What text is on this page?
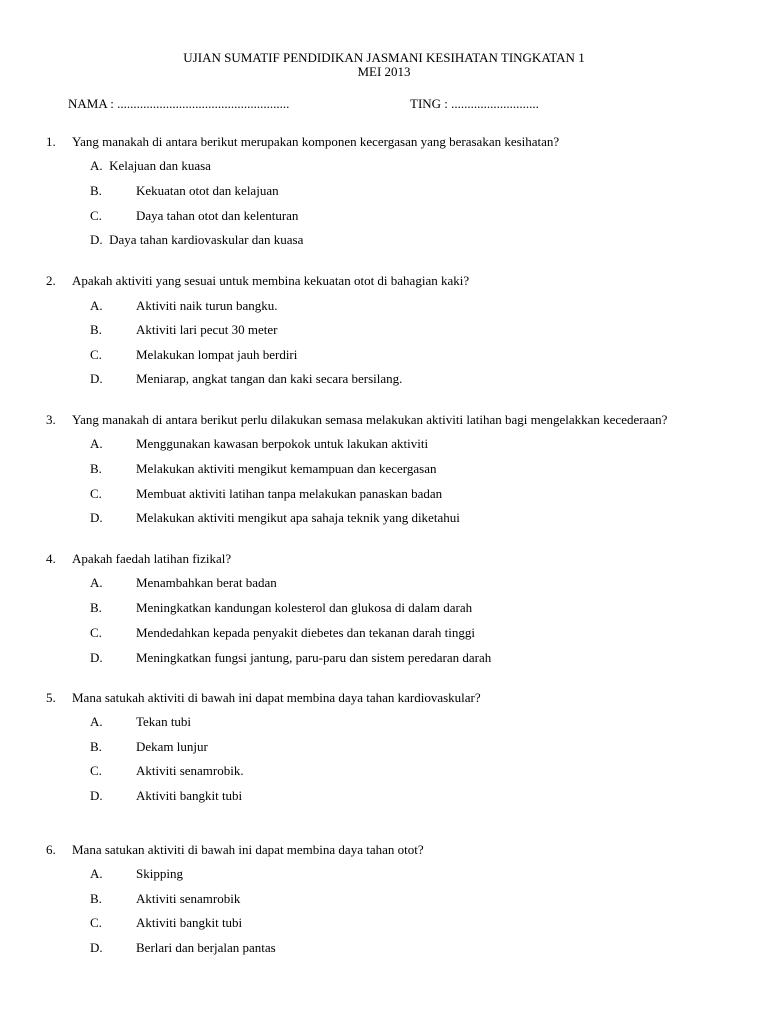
UJIAN SUMATIF PENDIDIKAN JASMANI KESIHATAN TINGKATAN 1
MEI 2013
NAMA : .....................................................	TING : ...........................
1. Yang manakah di antara berikut merupakan komponen kecergasan yang berasakan kesihatan?
A. Kelajuan dan kuasa
B.	Kekuatan otot dan kelajuan
C.	Daya tahan otot dan kelenturan
D. Daya tahan kardiovaskular dan kuasa
2. Apakah aktiviti yang sesuai untuk membina kekuatan otot di bahagian kaki?
A.	Aktiviti naik turun bangku.
B.	Aktiviti lari pecut 30 meter
C.	Melakukan lompat jauh berdiri
D.	Meniarap, angkat tangan dan kaki secara bersilang.
3. Yang manakah di antara berikut perlu dilakukan semasa melakukan aktiviti latihan bagi mengelakkan kecederaan?
A.	Menggunakan kawasan berpokok untuk lakukan aktiviti
B.	Melakukan aktiviti mengikut kemampuan dan kecergasan
C.	Membuat aktiviti latihan tanpa melakukan panaskan badan
D.	Melakukan aktiviti mengikut apa sahaja teknik yang diketahui
4. Apakah faedah latihan fizikal?
A.	Menambahkan berat badan
B.	Meningkatkan kandungan kolesterol dan glukosa di dalam darah
C.	Mendedahkan kepada penyakit diebetes dan tekanan darah tinggi
D.	Meningkatkan fungsi jantung, paru-paru dan sistem peredaran darah
5. Mana satukah aktiviti di bawah ini dapat membina daya tahan kardiovaskular?
A.	Tekan tubi
B.	Dekam lunjur
C.	Aktiviti senamrobik.
D.	Aktiviti bangkit tubi
6. Mana satukan aktiviti di bawah ini dapat membina daya tahan otot?
A.	Skipping
B.	Aktiviti senamrobik
C.	Aktiviti bangkit tubi
D.	Berlari dan berjalan pantas
